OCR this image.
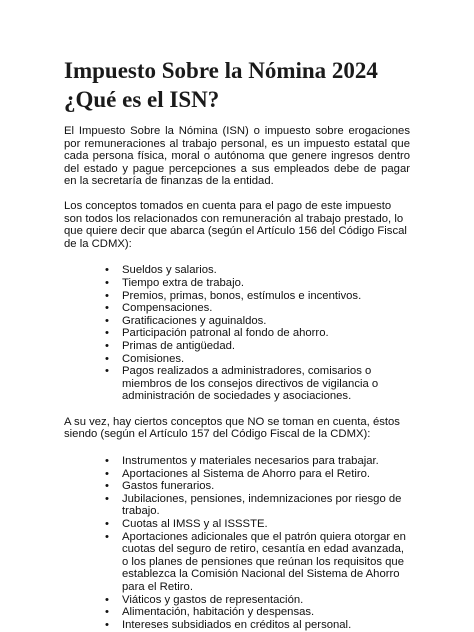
Impuesto Sobre la Nómina 2024
¿Qué es el ISN?

El Impuesto Sobre la Nómina (ISN) o impuesto sobre erogaciones por remuneraciones al trabajo personal, es un impuesto estatal que cada persona física, moral o autónoma que genere ingresos dentro del estado y pague percepciones a sus empleados debe de pagar en la secretaría de finanzas de la entidad.

Los conceptos tomados en cuenta para el pago de este impuesto son todos los relacionados con remuneración al trabajo prestado, lo que quiere decir que abarca (según el Artículo 156 del Código Fiscal de la CDMX):

• Sueldos y salarios.
• Tiempo extra de trabajo.
• Premios, primas, bonos, estímulos e incentivos.
• Compensaciones.
• Gratificaciones y aguinaldos.
• Participación patronal al fondo de ahorro.
• Primas de antigüedad.
• Comisiones.
• Pagos realizados a administradores, comisarios o miembros de los consejos directivos de vigilancia o administración de sociedades y asociaciones.

A su vez, hay ciertos conceptos que NO se toman en cuenta, éstos siendo (según el Artículo 157 del Código Fiscal de la CDMX):

• Instrumentos y materiales necesarios para trabajar.
• Aportaciones al Sistema de Ahorro para el Retiro.
• Gastos funerarios.
• Jubilaciones, pensiones, indemnizaciones por riesgo de trabajo.
• Cuotas al IMSS y al ISSSTE.
• Aportaciones adicionales que el patrón quiera otorgar en cuotas del seguro de retiro, cesantía en edad avanzada, o los planes de pensiones que reúnan los requisitos que establezca la Comisión Nacional del Sistema de Ahorro para el Retiro.
• Viáticos y gastos de representación.
• Alimentación, habitación y despensas.
• Intereses subsidiados en créditos al personal.
